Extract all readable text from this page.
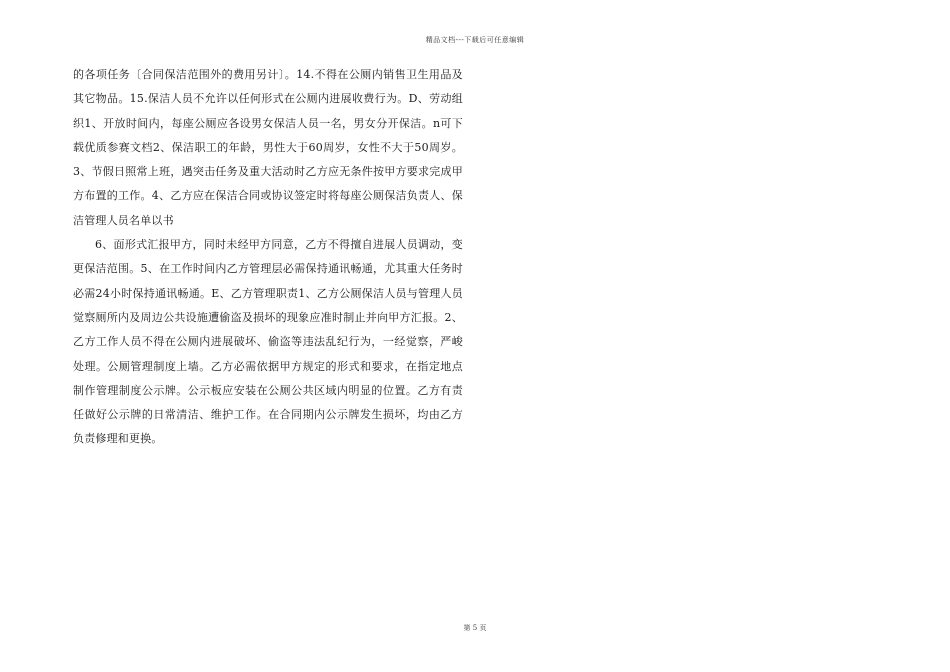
精品文档---下载后可任意编辑

的各项任务〔合同保洁范围外的费用另计〕。14.不得在公厕内销售卫生用品及其它物品。15.保洁人员不允许以任何形式在公厕内进展收费行为。D、劳动组织1、开放时间内，每座公厕应各设男女保洁人员一名，男女分开保洁。n可下载优质参赛文档2、保洁职工的年龄，男性大于60周岁，女性不大于50周岁。3、节假日照常上班，遇突击任务及重大活动时乙方应无条件按甲方要求完成甲方布置的工作。4、乙方应在保洁合同或协议签定时将每座公厕保洁负责人、保洁管理人员名单以书

6、面形式汇报甲方，同时未经甲方同意，乙方不得擅自进展人员调动，变更保洁范围。5、在工作时间内乙方管理层必需保持通讯畅通，尤其重大任务时必需24小时保持通讯畅通。E、乙方管理职责1、乙方公厕保洁人员与管理人员觉察厕所内及周边公共设施遭偷盗及损坏的现象应准时制止并向甲方汇报。2、乙方工作人员不得在公厕内进展破坏、偷盗等违法乱纪行为，一经觉察，严峻处理。公厕管理制度上墙。乙方必需依据甲方规定的形式和要求，在指定地点制作管理制度公示牌。公示板应安装在公厕公共区域内明显的位置。乙方有责任做好公示牌的日常清洁、维护工作。在合同期内公示牌发生损坏，均由乙方负责修理和更换。

第 5 页
